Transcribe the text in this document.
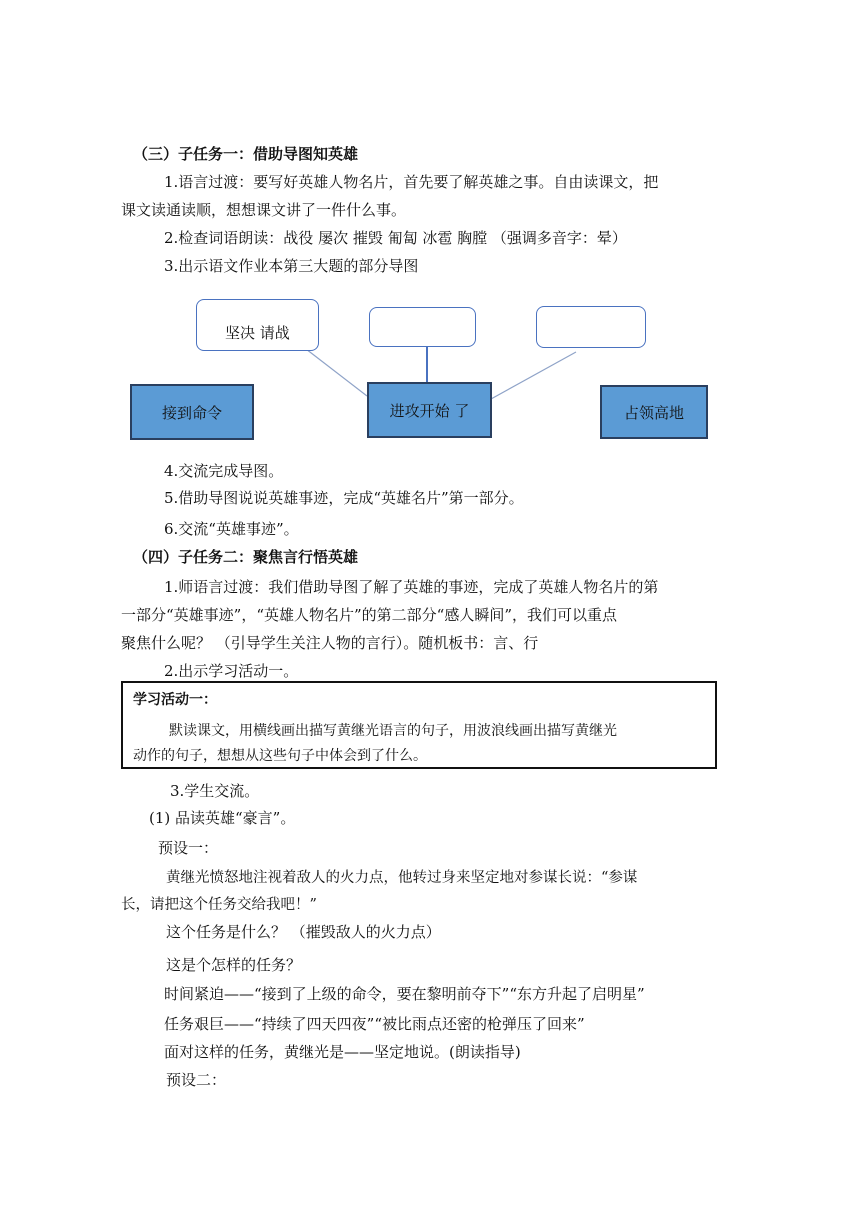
（三）子任务一：借助导图知英雄
1.语言过渡：要写好英雄人物名片，首先要了解英雄之事。自由读课文，把
课文读通读顺，想想课文讲了一件什么事。
2.检查词语朗读：战役 屡次 摧毁 匍匐 冰雹 胸膛 （强调多音字：晕）
3.出示语文作业本第三大题的部分导图
坚决 请战
接到命令	进攻开始 了	占领高地
4.交流完成导图。
5.借助导图说说英雄事迹，完成“英雄名片”第一部分。
6.交流“英雄事迹”。
（四）子任务二：聚焦言行悟英雄
1.师语言过渡：我们借助导图了解了英雄的事迹，完成了英雄人物名片的第
一部分“英雄事迹”，“英雄人物名片”的第二部分“感人瞬间”，我们可以重点
聚焦什么呢？ （引导学生关注人物的言行）。随机板书：言、行
2.出示学习活动一。
学习活动一：
默读课文，用横线画出描写黄继光语言的句子，用波浪线画出描写黄继光
动作的句子，想想从这些句子中体会到了什么。
3.学生交流。
(1) 品读英雄“豪言”。
预设一：
黄继光愤怒地注视着敌人的火力点，他转过身来坚定地对参谋长说：“参谋
长，请把这个任务交给我吧！”
这个任务是什么？ （摧毁敌人的火力点）
这是个怎样的任务？
时间紧迫——“接到了上级的命令，要在黎明前夺下”“东方升起了启明星”
任务艰巨——“持续了四天四夜”“被比雨点还密的枪弹压了回来”
面对这样的任务，黄继光是——坚定地说。(朗读指导)
预设二：
